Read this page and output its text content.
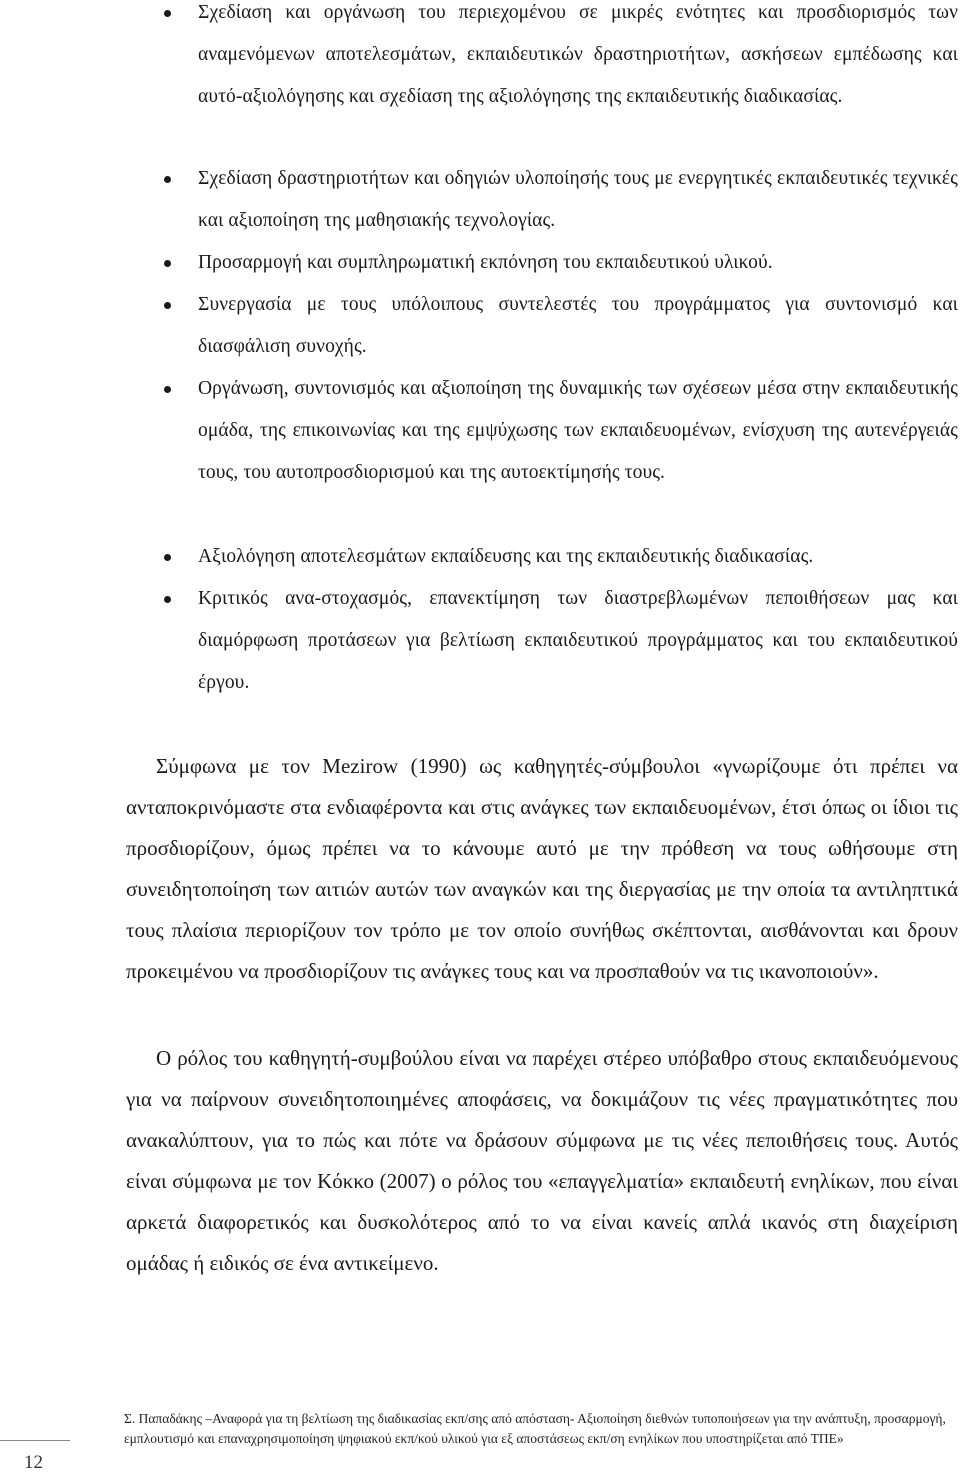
Σχεδίαση και οργάνωση του περιεχομένου σε μικρές ενότητες και προσδιορισμός των αναμενόμενων αποτελεσμάτων, εκπαιδευτικών δραστηριοτήτων, ασκήσεων εμπέδωσης και αυτό-αξιολόγησης και σχεδίαση της αξιολόγησης της εκπαιδευτικής διαδικασίας.
Σχεδίαση δραστηριοτήτων και οδηγιών υλοποίησής τους με ενεργητικές εκπαιδευτικές τεχνικές και αξιοποίηση της μαθησιακής τεχνολογίας.
Προσαρμογή και συμπληρωματική εκπόνηση του εκπαιδευτικού υλικού.
Συνεργασία με τους υπόλοιπους συντελεστές του προγράμματος για συντονισμό και διασφάλιση συνοχής.
Οργάνωση, συντονισμός και αξιοποίηση της δυναμικής των σχέσεων μέσα στην εκπαιδευτικής ομάδα, της επικοινωνίας και της εμψύχωσης των εκπαιδευομένων, ενίσχυση της αυτενέργειάς τους, του αυτοπροσδιορισμού και της αυτοεκτίμησής τους.
Αξιολόγηση αποτελεσμάτων εκπαίδευσης και της εκπαιδευτικής διαδικασίας.
Κριτικός ανα-στοχασμός, επανεκτίμηση των διαστρεβλωμένων πεποιθήσεων μας και διαμόρφωση προτάσεων για βελτίωση εκπαιδευτικού προγράμματος και του εκπαιδευτικού έργου.
Σύμφωνα με τον Mezirow (1990) ως καθηγητές-σύμβουλοι «γνωρίζουμε ότι πρέπει να ανταποκρινόμαστε στα ενδιαφέροντα και στις ανάγκες των εκπαιδευομένων, έτσι όπως οι ίδιοι τις προσδιορίζουν, όμως πρέπει να το κάνουμε αυτό με την πρόθεση να τους ωθήσουμε στη συνειδητοποίηση των αιτιών αυτών των αναγκών και της διεργασίας με την οποία τα αντιληπτικά τους πλαίσια περιορίζουν τον τρόπο με τον οποίο συνήθως σκέπτονται, αισθάνονται και δρουν προκειμένου να προσδιορίζουν τις ανάγκες τους και να προσπαθούν να τις ικανοποιούν».
Ο ρόλος του καθηγητή-συμβούλου είναι να παρέχει στέρεο υπόβαθρο στους εκπαιδευόμενους για να παίρνουν συνειδητοποιημένες αποφάσεις, να δοκιμάζουν τις νέες πραγματικότητες που ανακαλύπτουν, για το πώς και πότε να δράσουν σύμφωνα με τις νέες πεποιθήσεις τους. Αυτός είναι σύμφωνα με τον Κόκκο (2007) ο ρόλος του «επαγγελματία» εκπαιδευτή ενηλίκων, που είναι αρκετά διαφορετικός και δυσκολότερος από το να είναι κανείς απλά ικανός στη διαχείριση ομάδας ή ειδικός σε ένα αντικείμενο.
12
Σ. Παπαδάκης –Αναφορά για τη βελτίωση της διαδικασίας εκπ/σης από απόσταση- Αξιοποίηση διεθνών τυποποιήσεων για την ανάπτυξη, προσαρμογή, εμπλουτισμό και επαναχρησιμοποίηση ψηφιακού εκπ/κού υλικού για εξ αποστάσεως εκπ/ση ενηλίκων που υποστηρίζεται από ΤΠΕ»
